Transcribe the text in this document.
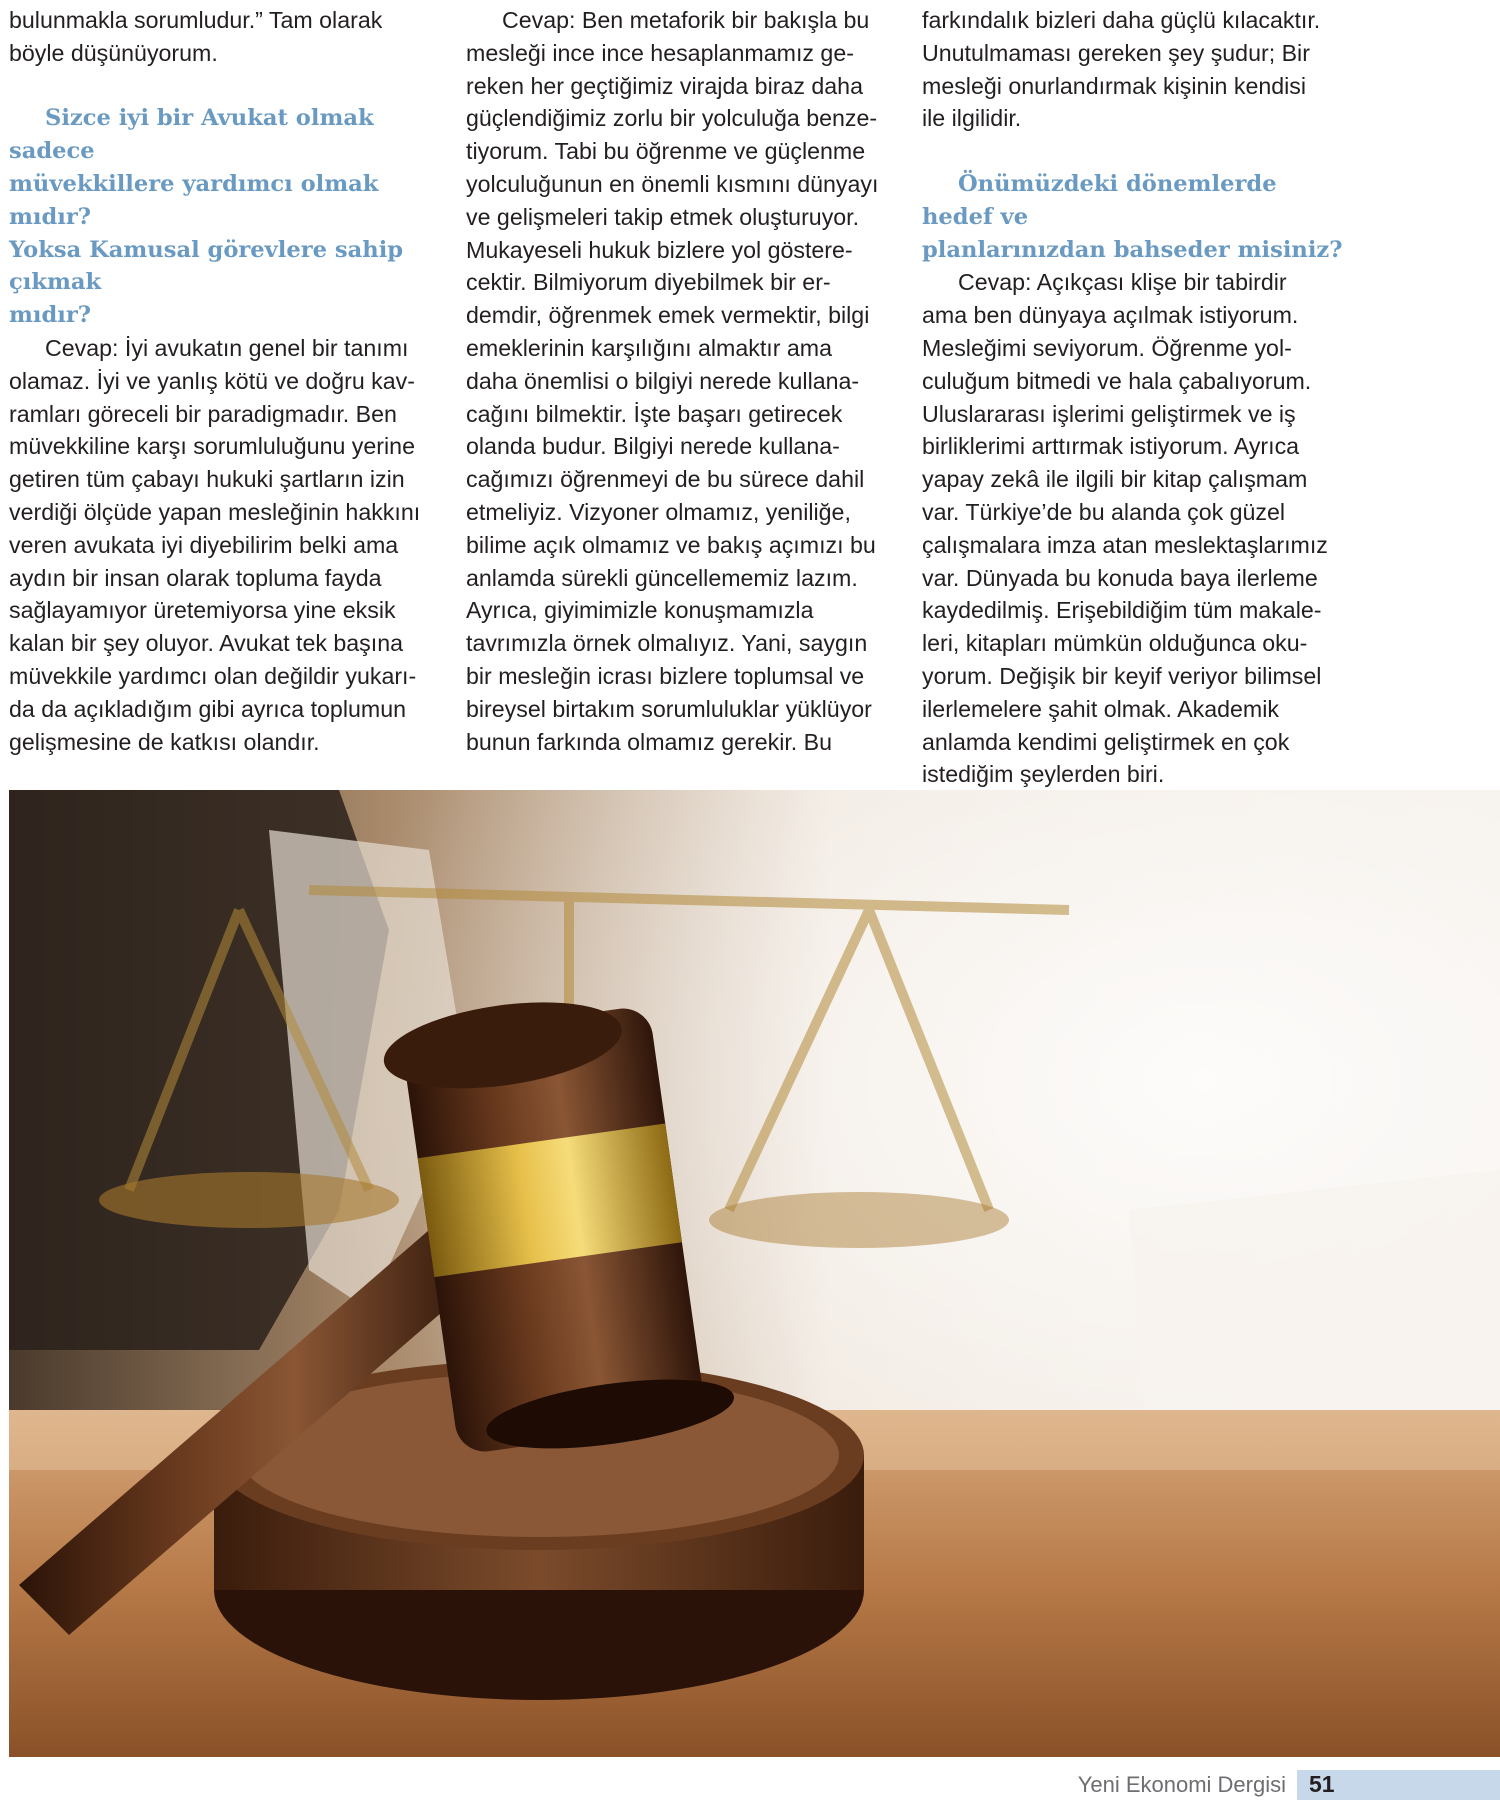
bulunmakla sorumludur.” Tam olarak

böyle düşünüyorum.

Sizce iyi bir Avukat olmak sadece

müvekkillere yardımcı olmak mıdır?

Yoksa Kamusal görevlere sahip çıkmak

mıdır?

Cevap: İyi avukatın genel bir tanımı

olamaz. İyi ve yanlış kötü ve doğru kav-

ramları göreceli bir paradigmadır. Ben

müvekkiline karşı sorumluluğunu yerine

getiren tüm çabayı hukuki şartların izin

verdiği ölçüde yapan mesleğinin hakkını

veren avukata iyi diyebilirim belki ama

aydın bir insan olarak topluma fayda

sağlayamıyor üretemiyorsa yine eksik

kalan bir şey oluyor. Avukat tek başına

müvekkile yardımcı olan değildir yukarı-

da da açıkladığım gibi ayrıca toplumun

gelişmesine de katkısı olandır.

Cevap: Ben metaforik bir bakışla bu

mesleği ince ince hesaplanmamız ge-

reken her geçtiğimiz virajda biraz daha

güçlendiğimiz zorlu bir yolculuğa benze-

tiyorum. Tabi bu öğrenme ve güçlenme

yolculuğunun en önemli kısmını dünyayı

ve gelişmeleri takip etmek oluşturuyor.

Mukayeseli hukuk bizlere yol göstere-

cektir. Bilmiyorum diyebilmek bir er-

demdir, öğrenmek emek vermektir, bilgi

emeklerinin karşılığını almaktır ama

daha önemlisi o bilgiyi nerede kullana-

cağını bilmektir. İşte başarı getirecek

olanda budur. Bilgiyi nerede kullana-

cağımızı öğrenmeyi de bu sürece dahil

etmeliyiz. Vizyoner olmamız, yeniliğe,

bilime açık olmamız ve bakış açımızı bu

anlamda sürekli güncellememiz lazım.

Ayrıca, giyimimizle konuşmamızla

tavrımızla örnek olmalıyız. Yani, saygın

bir mesleğin icrası bizlere toplumsal ve

bireysel birtakım sorumluluklar yüklüyor

bunun farkında olmamız gerekir. Bu

farkındalık bizleri daha güçlü kılacaktır.

Unutulmaması gereken şey şudur; Bir

mesleği onurlandırmak kişinin kendisi

ile ilgilidir.

Önümüzdeki dönemlerde hedef ve

planlarınızdan bahseder misiniz?

Cevap: Açıkçası klişe bir tabirdir

ama ben dünyaya açılmak istiyorum.

Mesleğimi seviyorum. Öğrenme yol-

culuğum bitmedi ve hala çabalıyorum.

Uluslararası işlerimi geliştirmek ve iş

birliklerimi arttırmak istiyorum. Ayrıca

yapay zekâ ile ilgili bir kitap çalışmam

var. Türkiye’de bu alanda çok güzel

çalışmalara imza atan meslektaşlarımız

var. Dünyada bu konuda baya ilerleme

kaydedilmiş. Erişebildiğim tüm makale-

leri, kitapları mümkün olduğunca oku-

yorum. Değişik bir keyif veriyor bilimsel

ilerlemelere şahit olmak. Akademik

anlamda kendimi geliştirmek en çok

istediğim şeylerden biri.

Yeni Ekonomi Dergisi 51
